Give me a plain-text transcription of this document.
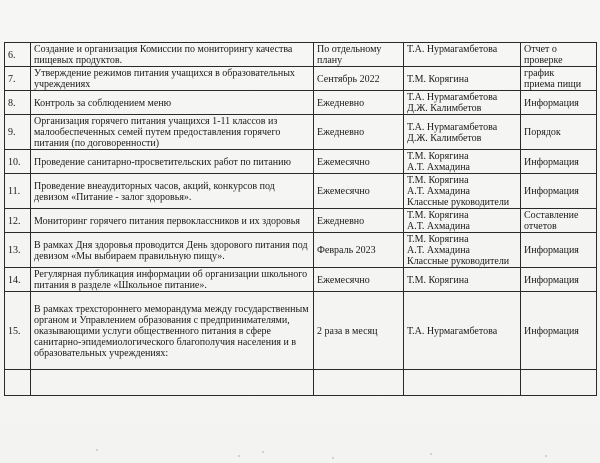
6.	Создание и организация Комиссии по мониторингу качества пищевых продуктов.	По отдельному
плану	Т.А. Нурмагамбетова	Отчет о
проверке

7.	Утверждение режимов питания учащихся в образовательных учреждениях	Сентябрь 2022	Т.М. Корягина	график
приема пищи

8.	Контроль за соблюдением меню	Ежедневно	Т.А. Нурмагамбетова
Д.Ж. Калимбетов	Информация

9.	Организация горячего питания учащихся 1-11 классов из малообеспеченных семей путем предоставления горячего питания (по договоренности)	Ежедневно	Т.А. Нурмагамбетова
Д.Ж. Калимбетов	Порядок

10.	Проведение санитарно-просветительских работ по питанию	Ежемесячно	Т.М. Корягина
А.Т. Ахмадина	Информация

11.	Проведение внеаудиторных часов, акций, конкурсов под девизом «Питание - залог здоровья».	Ежемесячно	Т.М. Корягина
А.Т. Ахмадина
Классные руководители	Информация

12.	Мониторинг горячего питания первоклассников и их здоровья	Ежедневно	Т.М. Корягина
А.Т. Ахмадина	Составление
отчетов

13.	В рамках Дня здоровья проводится День здорового питания под девизом «Мы выбираем правильную пищу».	Февраль 2023	Т.М. Корягина
А.Т. Ахмадина
Классные руководители	Информация

14.	Регулярная публикация информации об организации школьного питания в разделе «Школьное питание».	Ежемесячно	Т.М. Корягина	Информация

15.	В рамках трехстороннего меморандума между государственным органом и Управлением образования с предпринимателями, оказывающими услуги общественного питания в сфере санитарно-эпидемиологического благополучия населения и в образовательных учреждениях:	2 раза в месяц	Т.А. Нурмагамбетова	Информация
